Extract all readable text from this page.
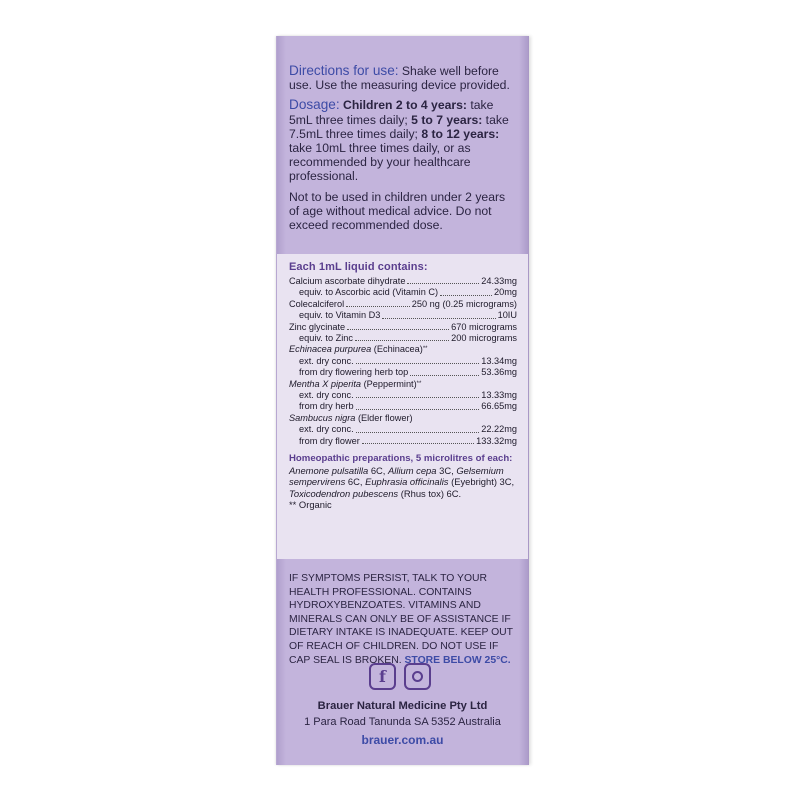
Directions for use: Shake well before use. Use the measuring device provided.

Dosage: Children 2 to 4 years: take 5mL three times daily; 5 to 7 years: take 7.5mL three times daily; 8 to 12 years: take 10mL three times daily, or as recommended by your healthcare professional.

Not to be used in children under 2 years of age without medical advice. Do not exceed recommended dose.

Each 1mL liquid contains:
Calcium ascorbate dihydrate	24.33mg
equiv. to Ascorbic acid (Vitamin C)	20mg
Colecalciferol	250 ng (0.25 micrograms)
equiv. to Vitamin D3	10IU
Zinc glycinate	670 micrograms
equiv. to Zinc	200 micrograms
Echinacea purpurea (Echinacea)**
ext. dry conc.	13.34mg
from dry flowering herb top	53.36mg
Mentha X piperita (Peppermint)**
ext. dry conc.	13.33mg
from dry herb	66.65mg
Sambucus nigra (Elder flower)
ext. dry conc.	22.22mg
from dry flower	133.32mg
Homeopathic preparations, 5 microlitres of each:
Anemone pulsatilla 6C, Allium cepa 3C, Gelsemium sempervirens 6C, Euphrasia officinalis (Eyebright) 3C, Toxicodendron pubescens (Rhus tox) 6C.
** Organic
IF SYMPTOMS PERSIST, TALK TO YOUR HEALTH PROFESSIONAL. CONTAINS HYDROXYBENZOATES. VITAMINS AND MINERALS CAN ONLY BE OF ASSISTANCE IF DIETARY INTAKE IS INADEQUATE. KEEP OUT OF REACH OF CHILDREN. DO NOT USE IF CAP SEAL IS BROKEN. STORE BELOW 25°C.
f
Brauer Natural Medicine Pty Ltd
1 Para Road Tanunda SA 5352 Australia
brauer.com.au
